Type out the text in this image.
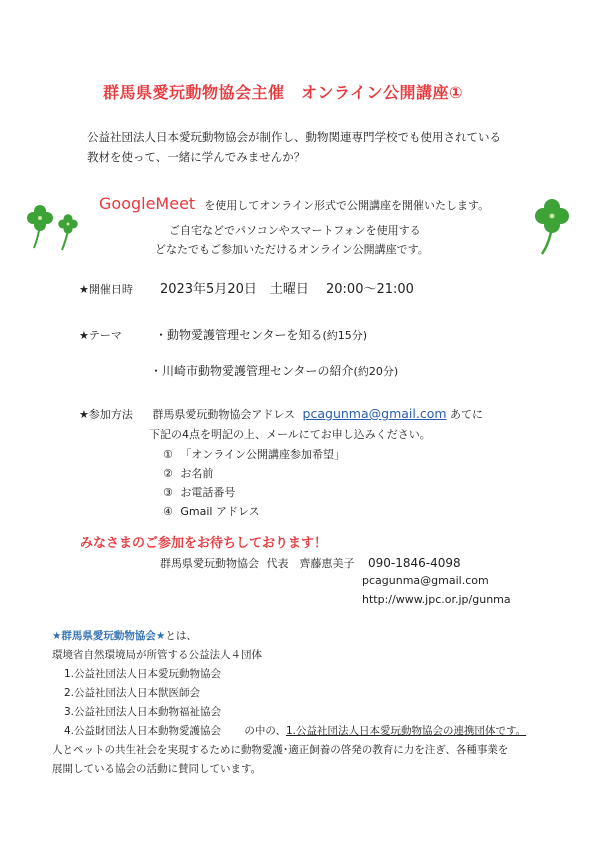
群馬県愛玩動物協会主催　オンライン公開講座①
公益社団法人日本愛玩動物協会が制作し、動物関連専門学校でも使用されている
教材を使って、一緒に学んでみませんか？
GoogleMeet を使用してオンライン形式で公開講座を開催いたします。
ご自宅などでパソコンやスマートフォンを使用する
どなたでもご参加いただけるオンライン公開講座です。
★開催日時 2023年5月20日　土曜日　 20:00～21:00
★テーマ	・動物愛護管理センターを知る(約15分)
・川崎市動物愛護管理センターの紹介(約20分)
★参加方法 群馬県愛玩動物協会アドレス pcagunma@gmail.com あてに
下記の4点を明記の上、メールにてお申し込みください。
① 「オンライン公開講座参加希望」
② お名前
③ お電話番号
④ Gmail アドレス
みなさまのご参加をお待ちしております！
群馬県愛玩動物協会 代表　齊藤恵美子 090-1846-4098
pcagunma@gmail.com
http://www.jpc.or.jp/gunma
★群馬県愛玩動物協会★とは、
環境省自然環境局が所管する公益法人４団体
1.公益社団法人日本愛玩動物協会
2.公益社団法人日本獣医師会
3.公益社団法人日本動物福祉協会
4.公益財団法人日本動物愛護協会 の中の、1.公益社団法人日本愛玩動物協会の連携団体です。
人とペットの共生社会を実現するために動物愛護･適正飼養の啓発の教育に力を注ぎ、各種事業を
展開している協会の活動に賛同しています。
